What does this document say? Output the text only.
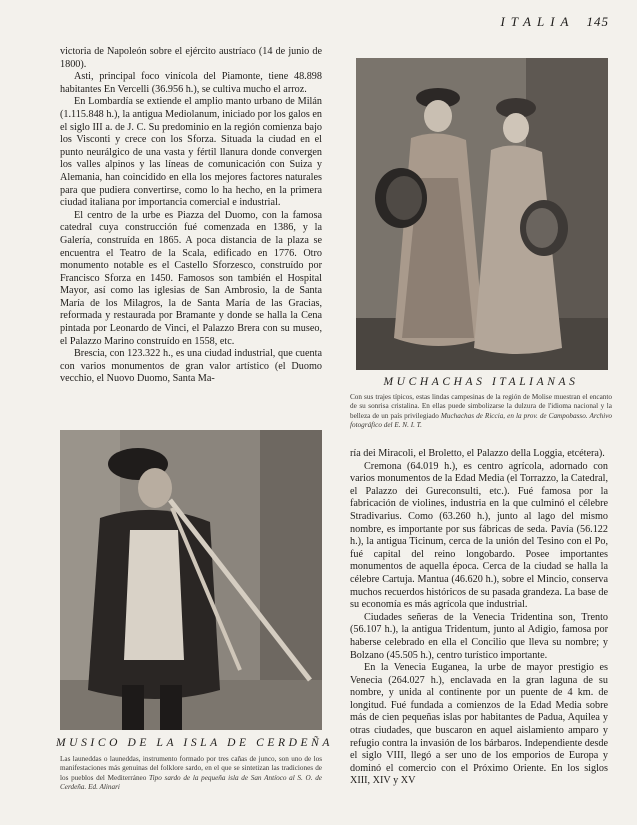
ITALIA 145

victoria de Napoleón sobre el ejército austríaco (14 de junio de 1800).

Asti, principal foco vinícola del Piamonte, tiene 48.898 habitantes En Vercelli (36.956 h.), se cultiva mucho el arroz.

En Lombardía se extiende el amplio manto urbano de Milán (1.115.848 h.), la antigua Mediolanum, iniciado por los galos en el siglo III a. de J. C. Su predominio en la región comienza bajo los Visconti y crece con los Sforza. Situada la ciudad en el punto neurálgico de una vasta y fértil llanura donde convergen los valles alpinos y las líneas de comunicación con Suiza y Alemania, han coincidido en ella los mejores factores naturales para que pudiera convertirse, como lo ha hecho, en la primera ciudad italiana por importancia comercial e industrial.

El centro de la urbe es Piazza del Duomo, con la famosa catedral cuya construcción fué comenzada en 1386, y la Galería, construída en 1865. A poca distancia de la plaza se encuentra el Teatro de la Scala, edificado en 1776. Otro monumento notable es el Castello Sforzesco, construído por Francisco Sforza en 1450. Famosos son también el Hospital Mayor, así como las iglesias de San Ambrosio, la de Santa María de los Milagros, la de Santa María de las Gracias, reformada y restaurada por Bramante y donde se halla la Cena pintada por Leonardo de Vinci, el Palazzo Brera con su museo, el Palazzo Marino construído en 1558, etc.

Brescia, con 123.322 h., es una ciudad industrial, que cuenta con varios monumentos de gran valor artístico (el Duomo vecchio, el Nuovo Duomo, Santa Ma-	MUCHACHAS ITALIANAS
Con sus trajes típicos, estas lindas campesinas de la región de Molise muestran el encanto de su sonrisa cristalina. En ellas puede simbolizarse la dulzura de l'idioma nacional y la belleza de un país privilegiado Muchachas de Riccia, en la prov. de Campobasso. Archivo fotográfico del E. N. I. T.
MUSICO DE LA ISLA DE CERDEÑA
Las launeddas o launeddas, instrumento formado por tres cañas de junco, son uno de los manifestaciones más genuinas del folklore sardo, en el que se sintetizan las tradiciones de los pueblos del Mediterráneo Tipo sardo de la pequeña isla de San Antíoco al S. O. de Cerdeña. Ed. Alinari

ría dei Miracoli, el Broletto, el Palazzo della Loggia, etcétera).

Cremona (64.019 h.), es centro agrícola, adornado con varios monumentos de la Edad Media (el Torrazzo, la Catedral, el Palazzo dei Gureconsulti, etc.). Fué famosa por la fabricación de violines, industria en la que culminó el célebre Stradivarius. Como (63.260 h.), junto al lago del mismo nombre, es importante por sus fábricas de seda. Pavía (56.122 h.), la antigua Ticinum, cerca de la unión del Tesino con el Po, fué capital del reino longobardo. Posee importantes monumentos de aquella época. Cerca de la ciudad se halla la célebre Cartuja. Mantua (46.620 h.), sobre el Mincio, conserva muchos recuerdos históricos de su pasada grandeza. La base de su economía es más agrícola que industrial.

Ciudades señeras de la Venecia Tridentina son, Trento (56.107 h.), la antigua Tridentum, junto al Adigio, famosa por haberse celebrado en ella el Concilio que lleva su nombre; y Bolzano (45.505 h.), centro turístico importante.

En la Venecia Euganea, la urbe de mayor prestigio es Venecia (264.027 h.), enclavada en la gran laguna de su nombre, y unida al continente por un puente de 4 km. de longitud. Fué fundada a comienzos de la Edad Media sobre más de cien pequeñas islas por habitantes de Padua, Aquilea y otras ciudades, que buscaron en aquel aislamiento amparo y refugio contra la invasión de los bárbaros. Independiente desde el siglo VIII, llegó a ser uno de los emporios de Europa y dominó el comercio con el Próximo Oriente. En los siglos XIII, XIV y XV
